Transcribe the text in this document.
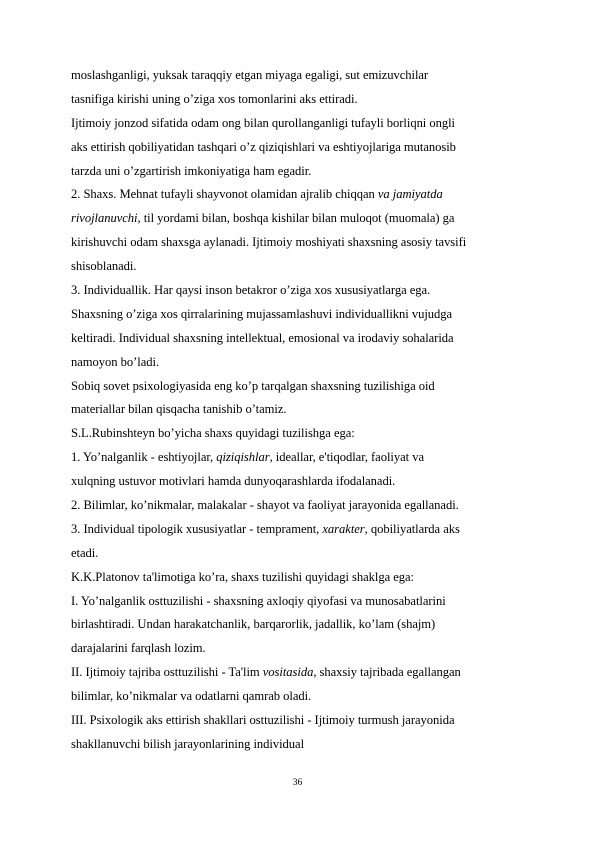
moslashganligi, yuksak taraqqiy etgan miyaga egaligi, sut emizuvchilar
tasnifiga kirishi uning o’ziga xos tomonlarini aks ettiradi.
Ijtimoiy jonzod sifatida odam ong bilan qurollanganligi tufayli borliqni ongli
aks ettirish qobiliyatidan tashqari o’z qiziqishlari va eshtiyojlariga mutanosib
tarzda uni o’zgartirish imkoniyatiga ham egadir.
2. Shaxs. Mehnat tufayli shayvonot olamidan ajralib chiqqan va jamiyatda
rivojlanuvchi, til yordami bilan, boshqa kishilar bilan muloqot (muomala) ga
kirishuvchi odam shaxsga aylanadi. Ijtimoiy moshiyati shaxsning asosiy tavsifi
shisoblanadi.
3. Individuallik. Har qaysi inson betakror o’ziga xos xususiyatlarga ega.
Shaxsning o’ziga xos qirralarining mujassamlashuvi individuallikni vujudga
keltiradi. Individual shaxsning intellektual, emosional va irodaviy sohalarida
namoyon bo’ladi.
Sobiq sovet psixologiyasida eng ko’p tarqalgan shaxsning tuzilishiga oid
materiallar bilan qisqacha tanishib o’tamiz.
S.L.Rubinshteyn bo’yicha shaxs quyidagi tuzilishga ega:
1. Yo’nalganlik - eshtiyojlar, qiziqishlar, ideallar, e'tiqodlar, faoliyat va
xulqning ustuvor motivlari hamda dunyoqarashlarda ifodalanadi.
2. Bilimlar, ko’nikmalar, malakalar - shayot va faoliyat jarayonida egallanadi.
3. Individual tipologik xususiyatlar - tempramen​t, xarakter, qobiliyatlarda aks
etadi.
K.K.Platonov ta'limotiga ko’ra, shaxs tuzilishi quyidagi shaklga ega:
I. Yo’nalganlik osttuzilishi - shaxsning axloqiy qiyofasi va munosabatlarini
birlashtiradi. Undan harakatchanlik, barqarorlik, jadallik, ko’lam (shajm)
darajalarini farqlash lozim.
II. Ijtimoiy tajriba osttuzilishi - Ta'lim vositasida, shaxsiy tajribada egallangan
bilimlar, ko’nikmalar va odatlarni qamrab oladi.
III. Psixologik aks ettirish shakllari osttuzilishi - Ijtimoiy turmush jarayonida
shakllanuvchi bilish jarayonlarining individual
36
